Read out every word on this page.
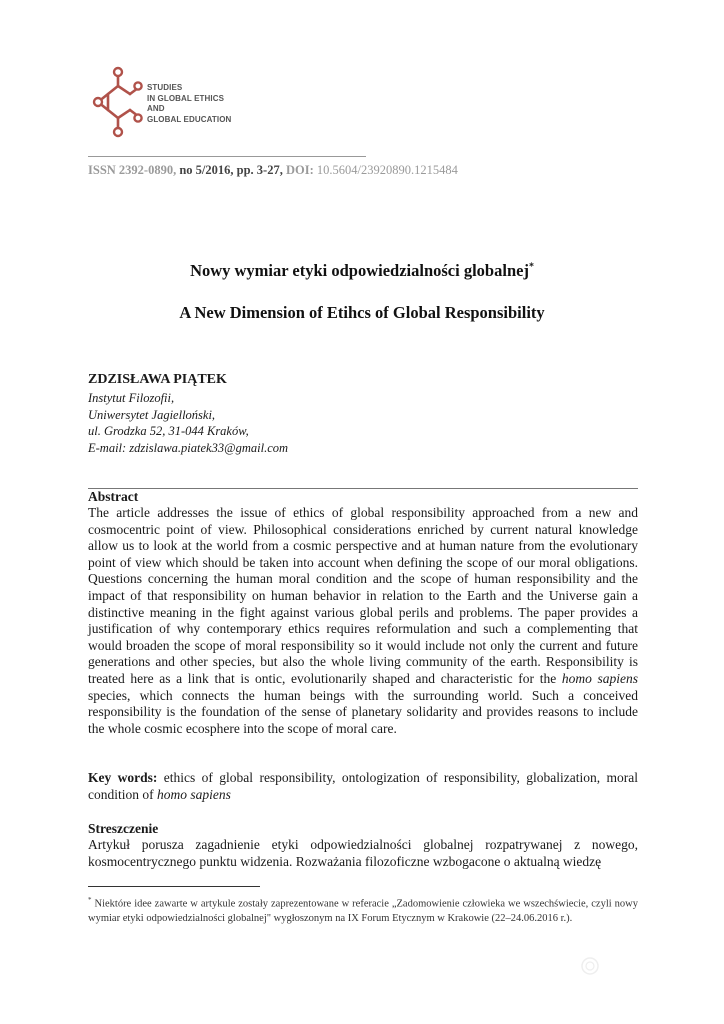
STUDIES
IN GLOBAL ETHICS
AND
GLOBAL EDUCATION
ISSN 2392-0890, no 5/2016, pp. 3-27, DOI: 10.5604/23920890.1215484
Nowy wymiar etyki odpowiedzialności globalnej*
A New Dimension of Etihcs of Global Responsibility
ZDZISŁAWA PIĄTEK
Instytut Filozofii,
Uniwersytet Jagielloński,
ul. Grodzka 52, 31-044 Kraków,
E-mail: zdzislawa.piatek33@gmail.com
Abstract
The article addresses the issue of ethics of global responsibility approached from a new and cosmocentric point of view. Philosophical considerations enriched by current natural knowledge allow us to look at the world from a cosmic perspective and at human nature from the evolutionary point of view which should be taken into account when defining the scope of our moral obligations. Questions concerning the human moral condition and the scope of human responsibility and the impact of that responsibility on human behavior in relation to the Earth and the Universe gain a distinctive meaning in the fight against various global perils and problems. The paper provides a justification of why contemporary ethics requires reformulation and such a complementing that would broaden the scope of moral responsibility so it would include not only the current and future generations and other species, but also the whole living community of the earth. Responsibility is treated here as a link that is ontic, evolutionarily shaped and characteristic for the homo sapiens species, which connects the human beings with the surrounding world. Such a conceived responsibility is the foundation of the sense of planetary solidarity and provides reasons to include the whole cosmic ecosphere into the scope of moral care.
Key words: ethics of global responsibility, ontologization of responsibility, globalization, moral condition of homo sapiens
Streszczenie
Artykuł porusza zagadnienie etyki odpowiedzialności globalnej rozpatrywanej z nowego, kosmocentrycznego punktu widzenia. Rozważania filozoficzne wzbogacone o aktualną wiedzę
* Niektóre idee zawarte w artykule zostały zaprezentowane w referacie „Zadomowienie człowieka we wszechświecie, czyli nowy wymiar etyki odpowiedzialności globalnej" wygłoszonym na IX Forum Etycznym w Krakowie (22–24.06.2016 r.).
